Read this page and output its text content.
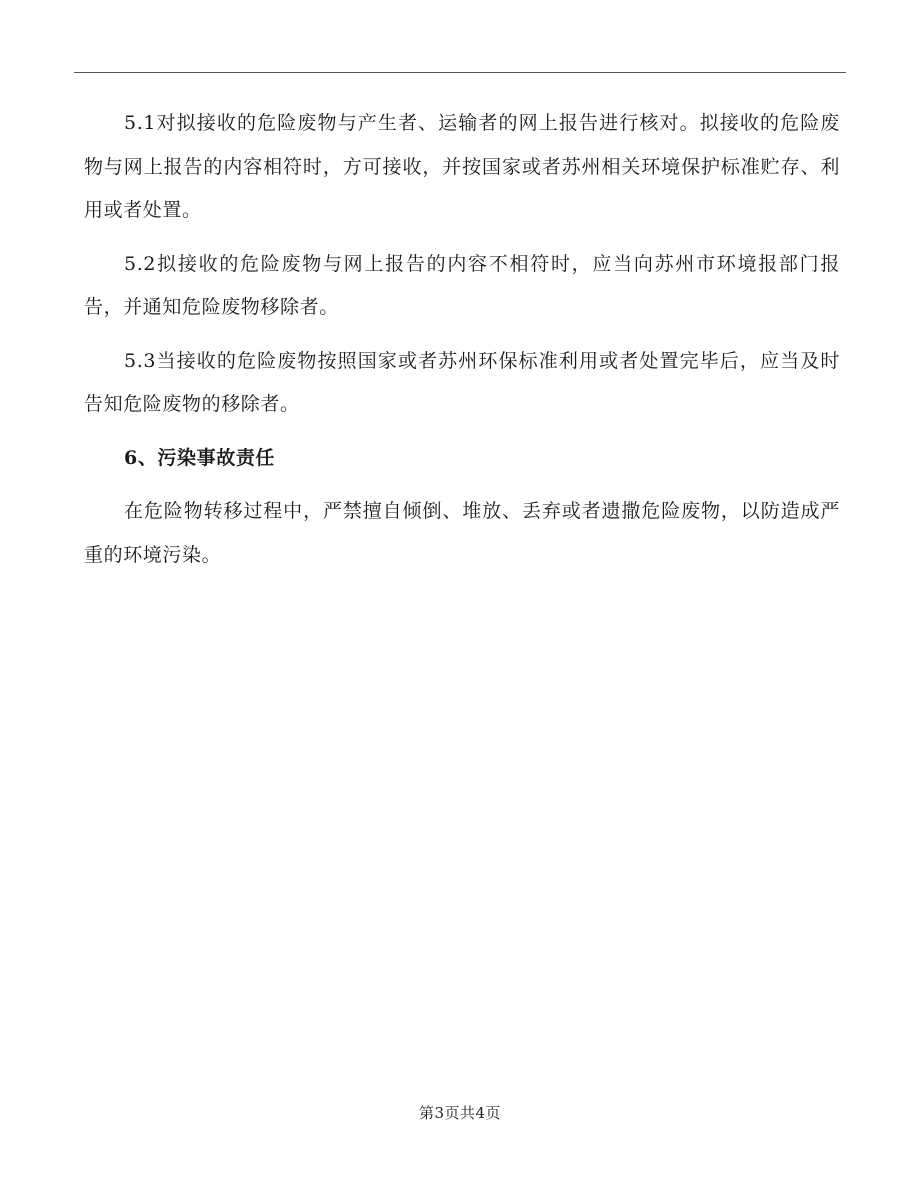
5.1对拟接收的危险废物与产生者、运输者的网上报告进行核对。拟接收的危险废物与网上报告的内容相符时，方可接收，并按国家或者苏州相关环境保护标准贮存、利用或者处置。

5.2拟接收的危险废物与网上报告的内容不相符时，应当向苏州市环境报部门报告，并通知危险废物移除者。

5.3当接收的危险废物按照国家或者苏州环保标准利用或者处置完毕后，应当及时告知危险废物的移除者。

6、污染事故责任

在危险物转移过程中，严禁擅自倾倒、堆放、丢弃或者遗撒危险废物，以防造成严重的环境污染。

第3页共4页
